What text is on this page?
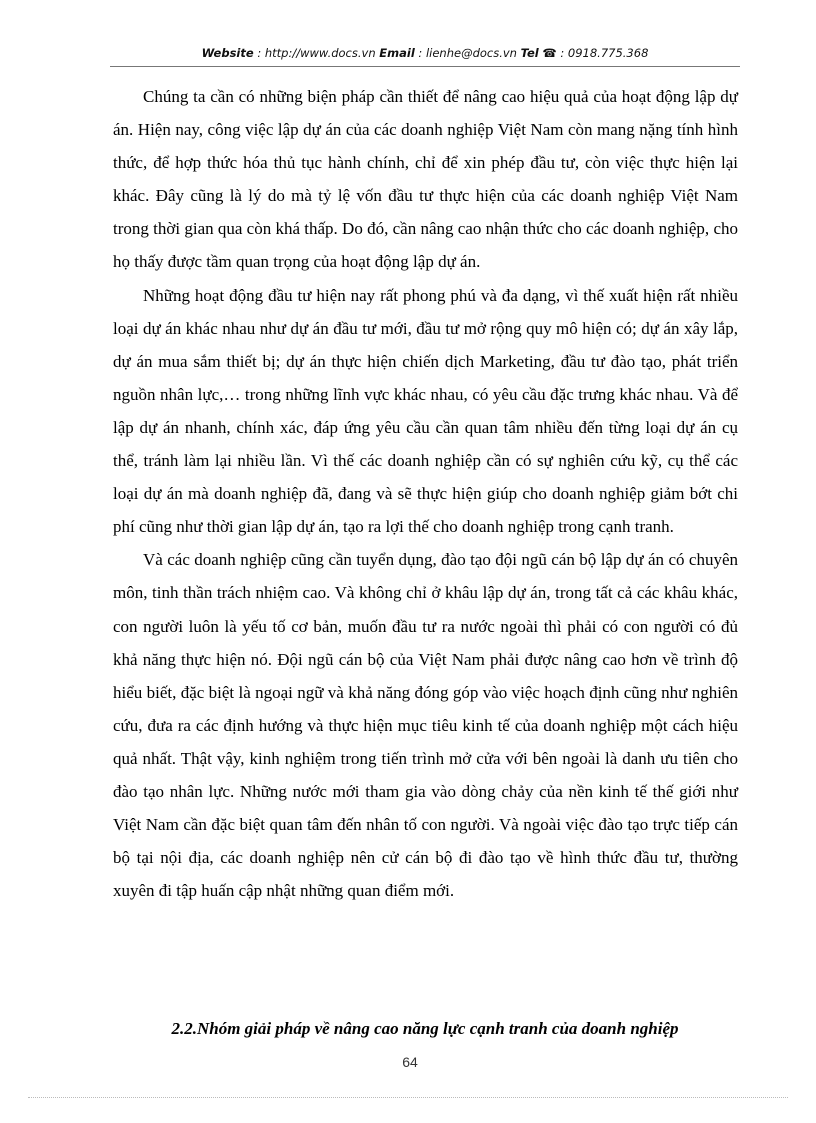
Website : http://www.docs.vn Email : lienhe@docs.vn Tel ☎ : 0918.775.368

Chúng ta cần có những biện pháp cần thiết để nâng cao hiệu quả của hoạt động lập dự án. Hiện nay, công việc lập dự án của các doanh nghiệp Việt Nam còn mang nặng tính hình thức, để hợp thức hóa thủ tục hành chính, chỉ để xin phép đầu tư, còn việc thực hiện lại khác. Đây cũng là lý do mà tỷ lệ vốn đầu tư thực hiện của các doanh nghiệp Việt Nam trong thời gian qua còn khá thấp. Do đó, cần nâng cao nhận thức cho các doanh nghiệp, cho họ thấy được tầm quan trọng của hoạt động lập dự án.

Những hoạt động đầu tư hiện nay rất phong phú và đa dạng, vì thế xuất hiện rất nhiều loại dự án khác nhau như dự án đầu tư mới, đầu tư mở rộng quy mô hiện có; dự án xây lắp, dự án mua sắm thiết bị; dự án thực hiện chiến dịch Marketing, đầu tư đào tạo, phát triển nguồn nhân lực,… trong những lĩnh vực khác nhau, có yêu cầu đặc trưng khác nhau. Và để lập dự án nhanh, chính xác, đáp ứng yêu cầu cần quan tâm nhiều đến từng loại dự án cụ thể, tránh làm lại nhiều lần. Vì thế các doanh nghiệp cần có sự nghiên cứu kỹ, cụ thể các loại dự án mà doanh nghiệp đã, đang và sẽ thực hiện giúp cho doanh nghiệp giảm bớt chi phí cũng như thời gian lập dự án, tạo ra lợi thế cho doanh nghiệp trong cạnh tranh.

Và các doanh nghiệp cũng cần tuyển dụng, đào tạo đội ngũ cán bộ lập dự án có chuyên môn, tinh thần trách nhiệm cao. Và không chỉ ở khâu lập dự án, trong tất cả các khâu khác, con người luôn là yếu tố cơ bản, muốn đầu tư ra nước ngoài thì phải có con người có đủ khả năng thực hiện nó. Đội ngũ cán bộ của Việt Nam phải được nâng cao hơn về trình độ hiểu biết, đặc biệt là ngoại ngữ và khả năng đóng góp vào việc hoạch định cũng như nghiên cứu, đưa ra các định hướng và thực hiện mục tiêu kinh tế của doanh nghiệp một cách hiệu quả nhất. Thật vậy, kinh nghiệm trong tiến trình mở cửa với bên ngoài là danh ưu tiên cho đào tạo nhân lực. Những nước mới tham gia vào dòng chảy của nền kinh tế thế giới như Việt Nam cần đặc biệt quan tâm đến nhân tố con người. Và ngoài việc đào tạo trực tiếp cán bộ tại nội địa, các doanh nghiệp nên cử cán bộ đi đào tạo về hình thức đầu tư, thường xuyên đi tập huấn cập nhật những quan điểm mới.

2.2.Nhóm giải pháp về nâng cao năng lực cạnh tranh của doanh nghiệp
64
